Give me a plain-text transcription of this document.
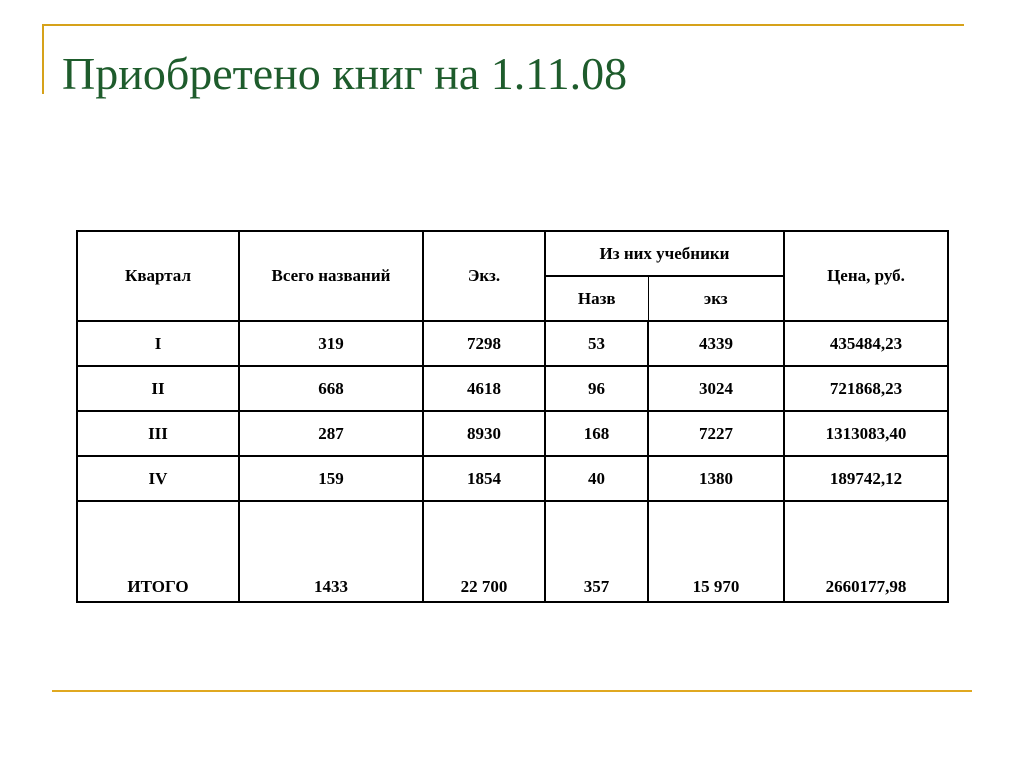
Приобретено книг на 1.11.08
Квартал	Всего названий	Экз.	Из них учебники		Цена, руб.
			Назв	экз	
I	319	7298	53	4339	435484,23
II	668	4618	96	3024	721868,23
III	287	8930	168	7227	1313083,40
IV	159	1854	40	1380	189742,12
ИТОГО	1433	22 700	357	15 970	2660177,98
